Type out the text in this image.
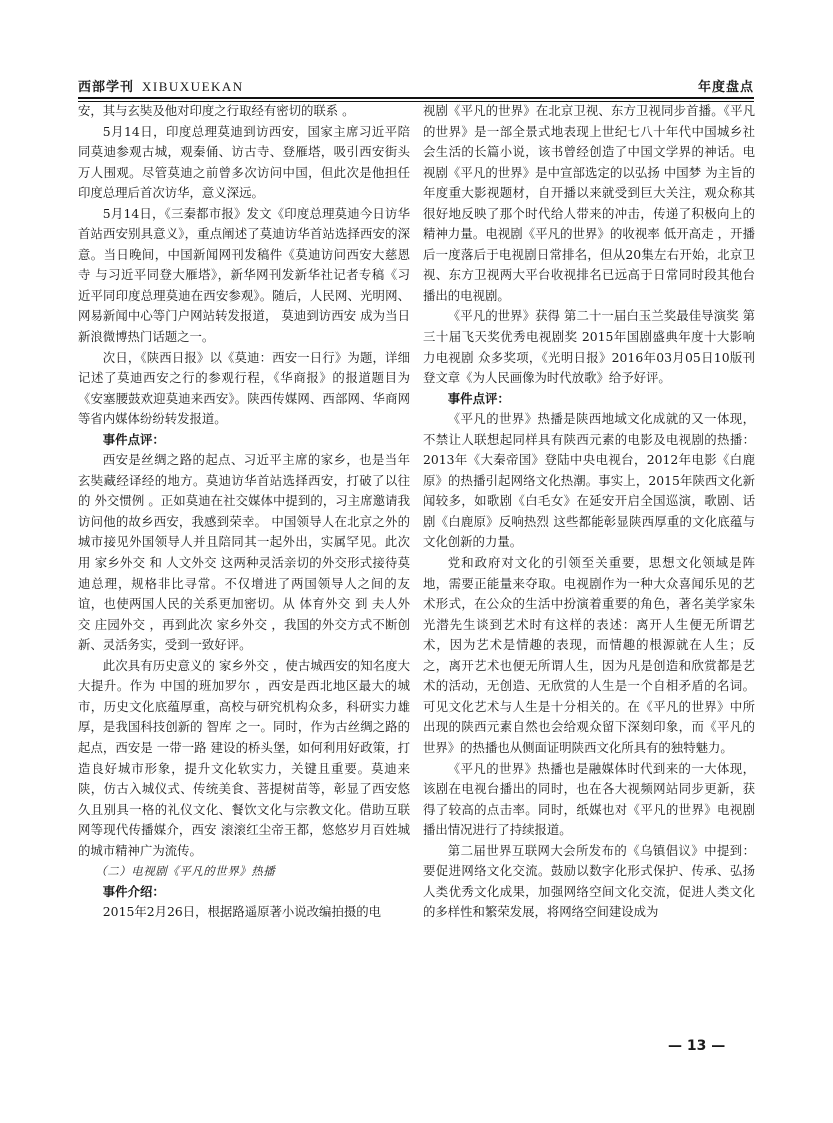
西部学刊 XIBUXUEKAN	年度盘点

安，其与玄奘及他对印度之行取经有密切的联系 。

5月14日，印度总理莫迪到访西安，国家主席习近平陪同莫迪参观古城，观秦俑、访古寺、登雁塔，吸引西安街头万人围观。尽管莫迪之前曾多次访问中国，但此次是他担任印度总理后首次访华，意义深远。

5月14日，《三秦都市报》发文《印度总理莫迪今日访华 首站西安别具意义》，重点阐述了莫迪访华首站选择西安的深意。当日晚间，中国新闻网刊发稿件《莫迪访问西安大慈恩寺 与习近平同登大雁塔》，新华网刊发新华社记者专稿《习近平同印度总理莫迪在西安参观》。随后，人民网、光明网、网易新闻中心等门户网站转发报道， 莫迪到访西安 成为当日新浪微博热门话题之一。

次日，《陕西日报》以《莫迪：西安一日行》为题，详细记述了莫迪西安之行的参观行程，《华商报》的报道题目为《安塞腰鼓欢迎莫迪来西安》。陕西传媒网、西部网、华商网等省内媒体纷纷转发报道。

事件点评：

西安是丝绸之路的起点、习近平主席的家乡，也是当年玄奘藏经译经的地方。莫迪访华首站选择西安，打破了以往的 外交惯例 。正如莫迪在社交媒体中提到的，习主席邀请我访问他的故乡西安，我感到荣幸。 中国领导人在北京之外的城市接见外国领导人并且陪同其一起外出，实属罕见。此次用 家乡外交 和 人文外交 这两种灵活亲切的外交形式接待莫迪总理，规格非比寻常。不仅增进了两国领导人之间的友谊，也使两国人民的关系更加密切。从 体育外交 到 夫人外交 庄园外交 ，再到此次 家乡外交 ，我国的外交方式不断创新、灵活务实，受到一致好评。

此次具有历史意义的 家乡外交 ，使古城西安的知名度大大提升。作为 中国的班加罗尔 ，西安是西北地区最大的城市，历史文化底蕴厚重，高校与研究机构众多，科研实力雄厚，是我国科技创新的 智库 之一。同时，作为古丝绸之路的起点，西安是 一带一路 建设的桥头堡，如何利用好政策，打造良好城市形象，提升文化软实力，关键且重要。莫迪来陕，仿古入城仪式、传统美食、菩提树苗等，彰显了西安悠久且别具一格的礼仪文化、餐饮文化与宗教文化。借助互联网等现代传播媒介，西安 滚滚红尘帝王都，悠悠岁月百姓城 的城市精神广为流传。

（二）电视剧《平凡的世界》热播

事件介绍：

2015年2月26日，根据路遥原著小说改编拍摄的电

视剧《平凡的世界》在北京卫视、东方卫视同步首播。《平凡的世界》是一部全景式地表现上世纪七八十年代中国城乡社会生活的长篇小说，该书曾经创造了中国文学界的神话。电视剧《平凡的世界》是中宣部选定的以弘扬 中国梦 为主旨的年度重大影视题材，自开播以来就受到巨大关注，观众称其很好地反映了那个时代给人带来的冲击，传递了积极向上的精神力量。电视剧《平凡的世界》的收视率 低开高走 ，开播后一度落后于电视剧日常排名，但从20集左右开始，北京卫视、东方卫视两大平台收视排名已远高于日常同时段其他台播出的电视剧。

《平凡的世界》获得 第二十一届白玉兰奖最佳导演奖 第三十届飞天奖优秀电视剧奖 2015年国剧盛典年度十大影响力电视剧 众多奖项，《光明日报》2016年03月05日10版刊登文章《为人民画像为时代放歌》给予好评。

事件点评：

《平凡的世界》热播是陕西地域文化成就的又一体现，不禁让人联想起同样具有陕西元素的电影及电视剧的热播：2013年《大秦帝国》登陆中央电视台，2012年电影《白鹿原》的热播引起网络文化热潮。事实上，2015年陕西文化新闻较多，如歌剧《白毛女》在延安开启全国巡演，歌剧、话剧《白鹿原》反响热烈 这些都能彰显陕西厚重的文化底蕴与文化创新的力量。

党和政府对文化的引领至关重要，思想文化领域是阵地，需要正能量来夺取。电视剧作为一种大众喜闻乐见的艺术形式，在公众的生活中扮演着重要的角色，著名美学家朱光潜先生谈到艺术时有这样的表述：离开人生便无所谓艺术，因为艺术是情趣的表现，而情趣的根源就在人生；反之，离开艺术也便无所谓人生，因为凡是创造和欣赏都是艺术的活动，无创造、无欣赏的人生是一个自相矛盾的名词。 可见文化艺术与人生是十分相关的。在《平凡的世界》中所出现的陕西元素自然也会给观众留下深刻印象，而《平凡的世界》的热播也从侧面证明陕西文化所具有的独特魅力。

《平凡的世界》热播也是融媒体时代到来的一大体现，该剧在电视台播出的同时，也在各大视频网站同步更新，获得了较高的点击率。同时，纸媒也对《平凡的世界》电视剧播出情况进行了持续报道。

第二届世界互联网大会所发布的《乌镇倡议》中提到：要促进网络文化交流。鼓励以数字化形式保护、传承、弘扬人类优秀文化成果，加强网络空间文化交流，促进人类文化的多样性和繁荣发展，将网络空间建设成为

— 13 —
